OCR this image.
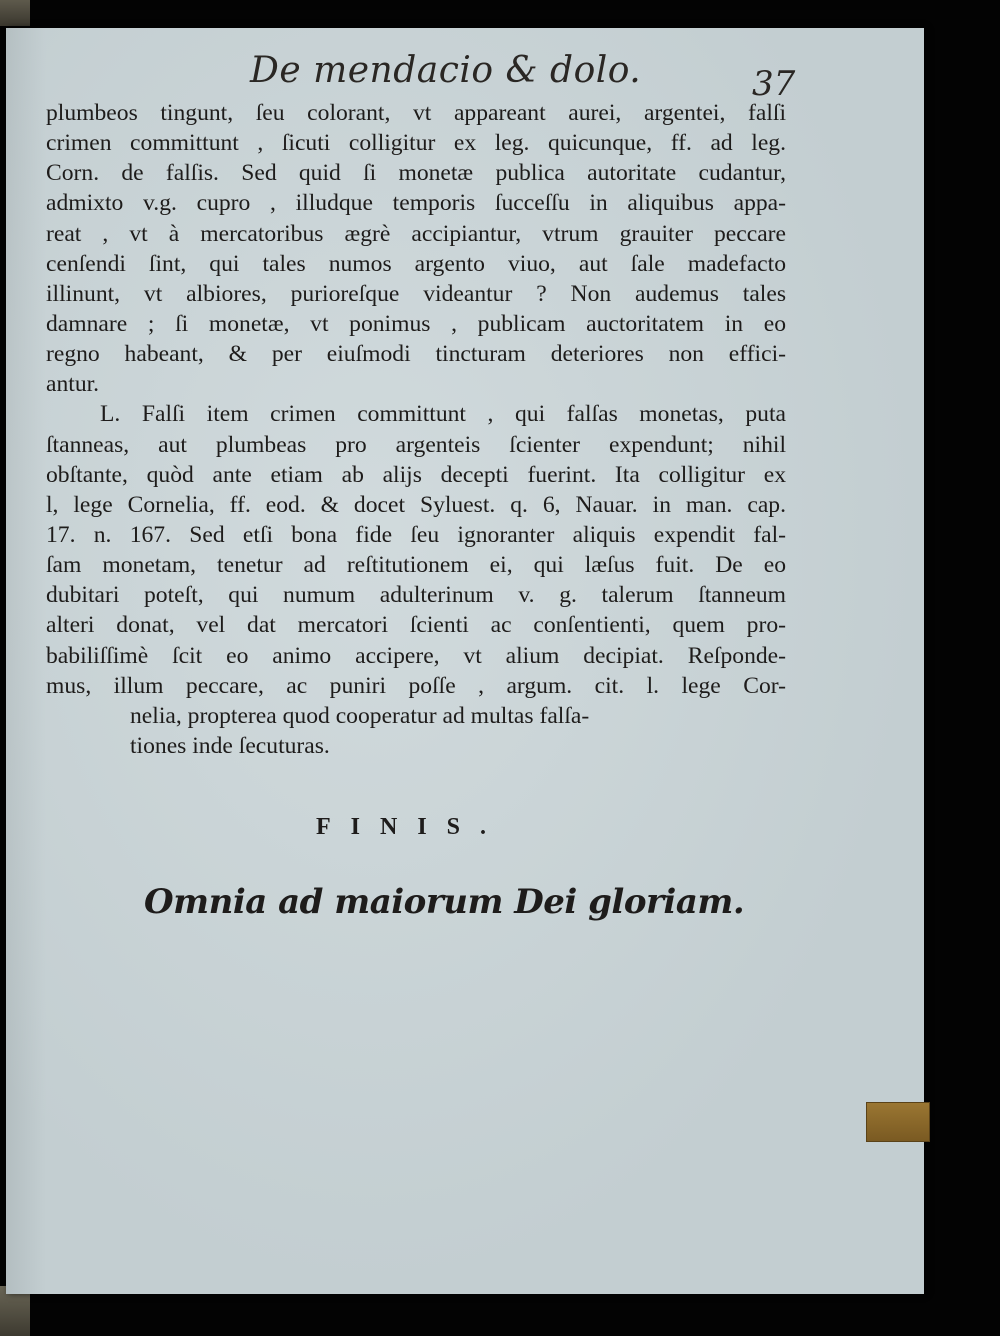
De mendacio & dolo.	37
plumbeos tingunt, ſeu colorant, vt appareant aurei, argentei, falſi
crimen committunt , ſicuti colligitur ex leg. quicunque, ff. ad leg.
Corn. de falſis. Sed quid ſi monetæ publica autoritate cudantur,
admixto v.g. cupro , illudque temporis ſucceſſu in aliquibus appa-
reat , vt à mercatoribus ægrè accipiantur, vtrum grauiter peccare
cenſendi ſint, qui tales numos argento viuo, aut ſale madefacto
illinunt, vt albiores, purioreſque videantur ? Non audemus tales
damnare ; ſi monetæ, vt ponimus , publicam auctoritatem in eo
regno habeant, & per eiuſmodi tincturam deteriores non effici-
antur.
L. Falſi item crimen committunt , qui falſas monetas, puta
ſtanneas, aut plumbeas pro argenteis ſcienter expendunt; nihil
obſtante, quòd ante etiam ab alijs decepti fuerint. Ita colligitur ex
l, lege Cornelia, ff. eod. & docet Syluest. q. 6, Nauar. in man. cap.
17. n. 167. Sed etſi bona fide ſeu ignoranter aliquis expendit fal-
ſam monetam, tenetur ad reſtitutionem ei, qui læſus fuit. De eo
dubitari poteſt, qui numum adulterinum v. g. talerum ſtanneum
alteri donat, vel dat mercatori ſcienti ac conſentienti, quem pro-
babiliſſimè ſcit eo animo accipere, vt alium decipiat. Reſponde-
mus, illum peccare, ac puniri poſſe , argum. cit. l. lege Cor-
nelia, propterea quod cooperatur ad multas falſa-
tiones inde ſecuturas.
FINIS.
Omnia ad maiorum Dei gloriam.
